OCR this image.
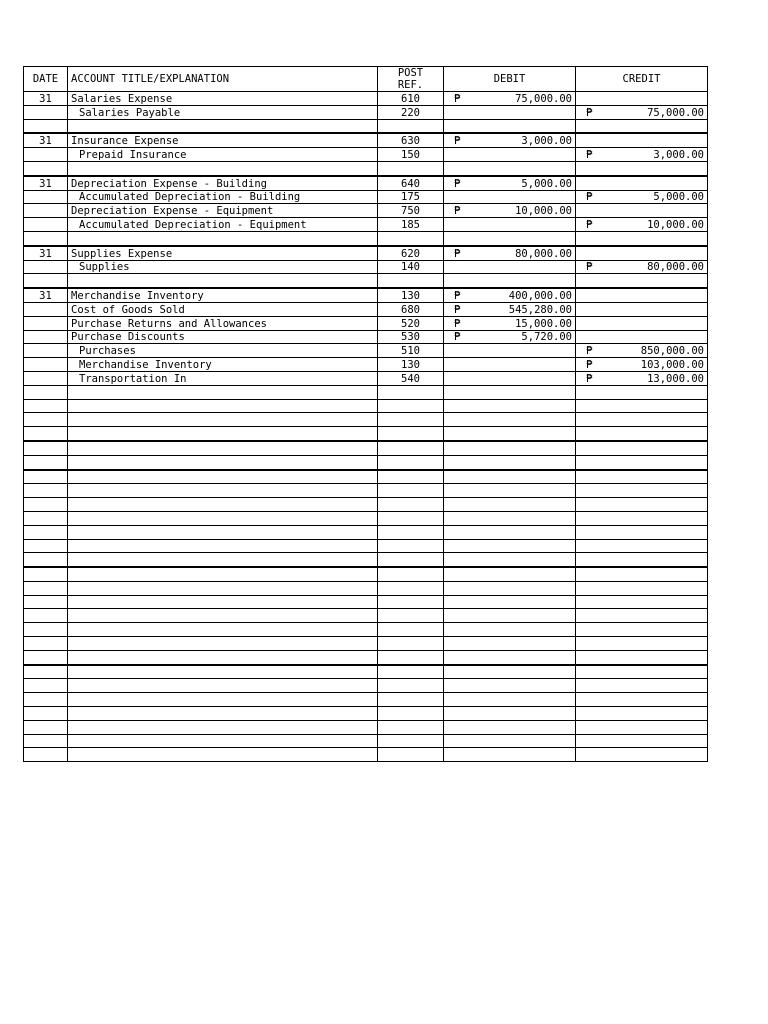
DATE	ACCOUNT TITLE/EXPLANATION	POST
REF.	DEBIT	CREDIT
31	Salaries Expense	610	₱ 75,000.00	
	Salaries Payable	220		₱ 75,000.00

31	Insurance Expense	630	₱ 3,000.00	
	Prepaid Insurance	150		₱ 3,000.00

31	Depreciation Expense - Building	640	₱ 5,000.00	
	Accumulated Depreciation - Building	175		₱ 5,000.00
	Depreciation Expense - Equipment	750	₱ 10,000.00	
	Accumulated Depreciation - Equipment	185		₱ 10,000.00

31	Supplies Expense	620	₱ 80,000.00	
	Supplies	140		₱ 80,000.00

31	Merchandise Inventory	130	₱ 400,000.00	
	Cost of Goods Sold	680	₱ 545,280.00	
	Purchase Returns and Allowances	520	₱ 15,000.00	
	Purchase Discounts	530	₱ 5,720.00	
	Purchases	510		₱ 850,000.00
	Merchandise Inventory	130		₱ 103,000.00
	Transportation In	540		₱ 13,000.00
